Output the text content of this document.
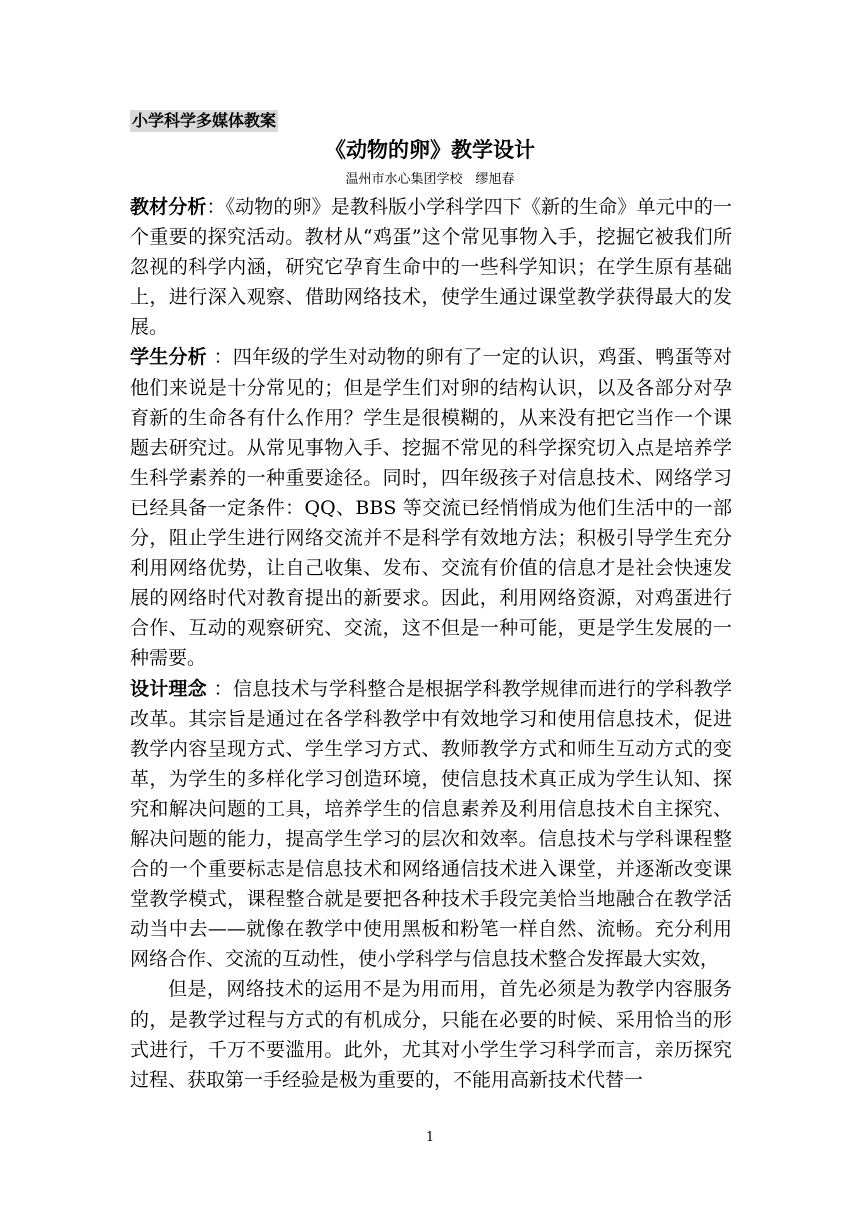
小学科学多媒体教案
《动物的卵》教学设计
温州市水心集团学校　缪旭春

教材分析：《动物的卵》是教科版小学科学四下《新的生命》单元中的一个重要的探究活动。教材从“鸡蛋”这个常见事物入手，挖掘它被我们所忽视的科学内涵，研究它孕育生命中的一些科学知识；在学生原有基础上，进行深入观察、借助网络技术，使学生通过课堂教学获得最大的发展。

学生分析 ：四年级的学生对动物的卵有了一定的认识，鸡蛋、鸭蛋等对他们来说是十分常见的；但是学生们对卵的结构认识，以及各部分对孕育新的生命各有什么作用？学生是很模糊的，从来没有把它当作一个课题去研究过。从常见事物入手、挖掘不常见的科学探究切入点是培养学生科学素养的一种重要途径。同时，四年级孩子对信息技术、网络学习已经具备一定条件：QQ、BBS 等交流已经悄悄成为他们生活中的一部分，阻止学生进行网络交流并不是科学有效地方法；积极引导学生充分利用网络优势，让自己收集、发布、交流有价值的信息才是社会快速发展的网络时代对教育提出的新要求。因此，利用网络资源，对鸡蛋进行合作、互动的观察研究、交流，这不但是一种可能，更是学生发展的一种需要。

设计理念 ：信息技术与学科整合是根据学科教学规律而进行的学科教学改革。其宗旨是通过在各学科教学中有效地学习和使用信息技术，促进教学内容呈现方式、学生学习方式、教师教学方式和师生互动方式的变革，为学生的多样化学习创造环境，使信息技术真正成为学生认知、探究和解决问题的工具，培养学生的信息素养及利用信息技术自主探究、解决问题的能力，提高学生学习的层次和效率。信息技术与学科课程整合的一个重要标志是信息技术和网络通信技术进入课堂，并逐渐改变课堂教学模式，课程整合就是要把各种技术手段完美恰当地融合在教学活动当中去——就像在教学中使用黑板和粉笔一样自然、流畅。充分利用网络合作、交流的互动性，使小学科学与信息技术整合发挥最大实效，

但是，网络技术的运用不是为用而用，首先必须是为教学内容服务的，是教学过程与方式的有机成分，只能在必要的时候、采用恰当的形式进行，千万不要滥用。此外，尤其对小学生学习科学而言，亲历探究过程、获取第一手经验是极为重要的，不能用高新技术代替一

1
